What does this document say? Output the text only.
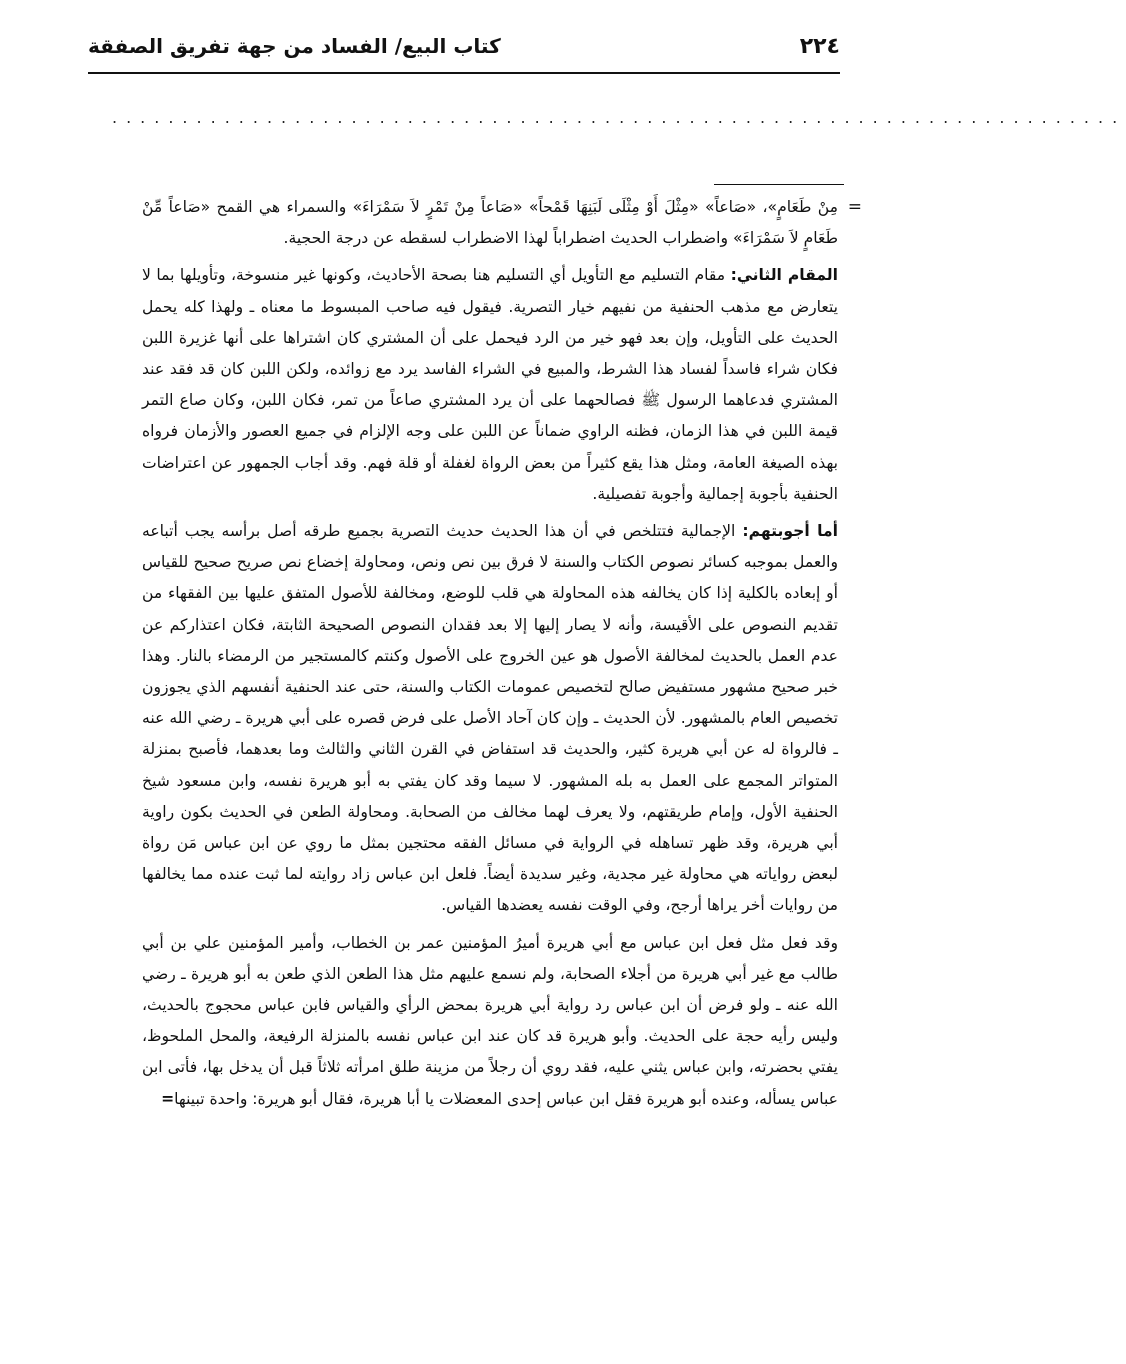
٢٢٤
كتاب البيع/ الفساد من جهة تفريق الصفقة
........................................................................

=
مِنْ طَعَامٍ»، «صَاعاً» «مِثْلَ أَوْ مِثْلَى لَبَنِهَا قَمْحاً» «صَاعاً مِنْ تَمْرٍ لاَ سَمْرَاءَ» والسمراء هي القمح «صَاعاً مِّنْ طَعَامٍ لاَ سَمْرَاءَ» واضطراب الحديث اضطراباً لهذا الاضطراب لسقطه عن درجة الحجية.

المقام الثاني: مقام التسليم مع التأويل أي التسليم هنا بصحة الأحاديث، وكونها غير منسوخة، وتأويلها بما لا يتعارض مع مذهب الحنفية من نفيهم خيار التصرية. فيقول فيه صاحب المبسوط ما معناه ـ ولهذا كله يحمل الحديث على التأويل، وإن بعد فهو خير من الرد فيحمل على أن المشتري كان اشتراها على أنها غزيرة اللبن فكان شراء فاسداً لفساد هذا الشرط، والمبيع في الشراء الفاسد يرد مع زوائده، ولكن اللبن كان قد فقد عند المشتري فدعاهما الرسول ﷺ فصالحهما على أن يرد المشتري صاعاً من تمر، فكان اللبن، وكان صاع التمر قيمة اللبن في هذا الزمان، فظنه الراوي ضماناً عن اللبن على وجه الإلزام في جميع العصور والأزمان فرواه بهذه الصيغة العامة، ومثل هذا يقع كثيراً من بعض الرواة لغفلة أو قلة فهم. وقد أجاب الجمهور عن اعتراضات الحنفية بأجوبة إجمالية وأجوبة تفصيلية.

أما أجوبتهم: الإجمالية فتتلخص في أن هذا الحديث حديث التصرية بجميع طرقه أصل برأسه يجب أتباعه والعمل بموجبه كسائر نصوص الكتاب والسنة لا فرق بين نص ونص، ومحاولة إخضاع نص صريح صحيح للقياس أو إبعاده بالكلية إذا كان يخالفه هذه المحاولة هي قلب للوضع، ومخالفة للأصول المتفق عليها بين الفقهاء من تقديم النصوص على الأقيسة، وأنه لا يصار إليها إلا بعد فقدان النصوص الصحيحة الثابتة، فكان اعتذاركم عن عدم العمل بالحديث لمخالفة الأصول هو عين الخروج على الأصول وكنتم كالمستجير من الرمضاء بالنار. وهذا خبر صحيح مشهور مستفيض صالح لتخصيص عمومات الكتاب والسنة، حتى عند الحنفية أنفسهم الذي يجوزون تخصيص العام بالمشهور. لأن الحديث ـ وإن كان آحاد الأصل على فرض قصره على أبي هريرة ـ رضي الله عنه ـ فالرواة له عن أبي هريرة كثير، والحديث قد استفاض في القرن الثاني والثالث وما بعدهما، فأصبح بمنزلة المتواتر المجمع على العمل به بله المشهور. لا سيما وقد كان يفتي به أبو هريرة نفسه، وابن مسعود شيخ الحنفية الأول، وإمام طريقتهم، ولا يعرف لهما مخالف من الصحابة. ومحاولة الطعن في الحديث بكون راوية أبي هريرة، وقد ظهر تساهله في الرواية في مسائل الفقه محتجين بمثل ما روي عن ابن عباس مَن رواة لبعض رواياته هي محاولة غير مجدية، وغير سديدة أيضاً. فلعل ابن عباس زاد روايته لما ثبت عنده مما يخالفها من روايات أخر يراها أرجح، وفي الوقت نفسه يعضدها القياس.

وقد فعل مثل فعل ابن عباس مع أبي هريرة أميرُ المؤمنين عمر بن الخطاب، وأمير المؤمنين علي بن أبي طالب مع غير أبي هريرة من أجلاء الصحابة، ولم نسمع عليهم مثل هذا الطعن الذي طعن به أبو هريرة ـ رضي الله عنه ـ ولو فرض أن ابن عباس رد رواية أبي هريرة بمحض الرأي والقياس فابن عباس محجوج بالحديث، وليس رأيه حجة على الحديث. وأبو هريرة قد كان عند ابن عباس نفسه بالمنزلة الرفيعة، والمحل الملحوظ، يفتي بحضرته، وابن عباس يثني عليه، فقد روي أن رجلاً من مزينة طلق امرأته ثلاثاً قبل أن يدخل بها، فأتى ابن عباس يسأله، وعنده أبو هريرة فقل ابن عباس إحدى المعضلات يا أبا هريرة، فقال أبو هريرة: واحدة تبينها=
